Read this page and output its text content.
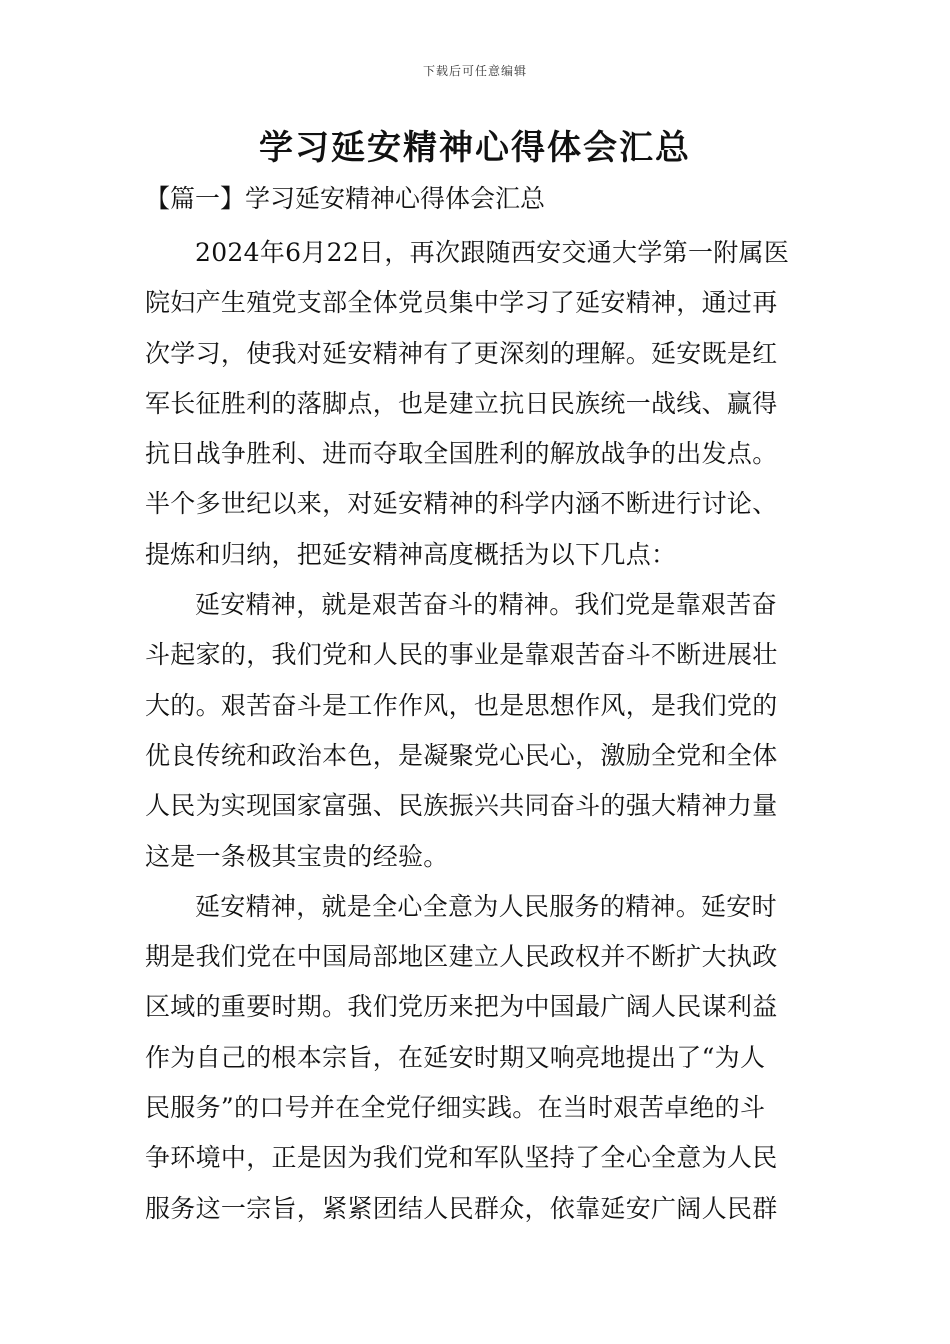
下载后可任意编辑
学习延安精神心得体会汇总
【篇一】学习延安精神心得体会汇总

2024年6月22日，再次跟随西安交通大学第一附属医
院妇产生殖党支部全体党员集中学习了延安精神，通过再
次学习，使我对延安精神有了更深刻的理解。延安既是红
军长征胜利的落脚点，也是建立抗日民族统一战线、赢得
抗日战争胜利、进而夺取全国胜利的解放战争的出发点。
半个多世纪以来，对延安精神的科学内涵不断进行讨论、
提炼和归纳，把延安精神高度概括为以下几点：

延安精神，就是艰苦奋斗的精神。我们党是靠艰苦奋
斗起家的，我们党和人民的事业是靠艰苦奋斗不断进展壮
大的。艰苦奋斗是工作作风，也是思想作风，是我们党的
优良传统和政治本色，是凝聚党心民心，激励全党和全体
人民为实现国家富强、民族振兴共同奋斗的强大精神力量
这是一条极其宝贵的经验。

延安精神，就是全心全意为人民服务的精神。延安时
期是我们党在中国局部地区建立人民政权并不断扩大执政
区域的重要时期。我们党历来把为中国最广阔人民谋利益
作为自己的根本宗旨，在延安时期又响亮地提出了“为人
民服务”的口号并在全党仔细实践。在当时艰苦卓绝的斗
争环境中，正是因为我们党和军队坚持了全心全意为人民
服务这一宗旨，紧紧团结人民群众，依靠延安广阔人民群
